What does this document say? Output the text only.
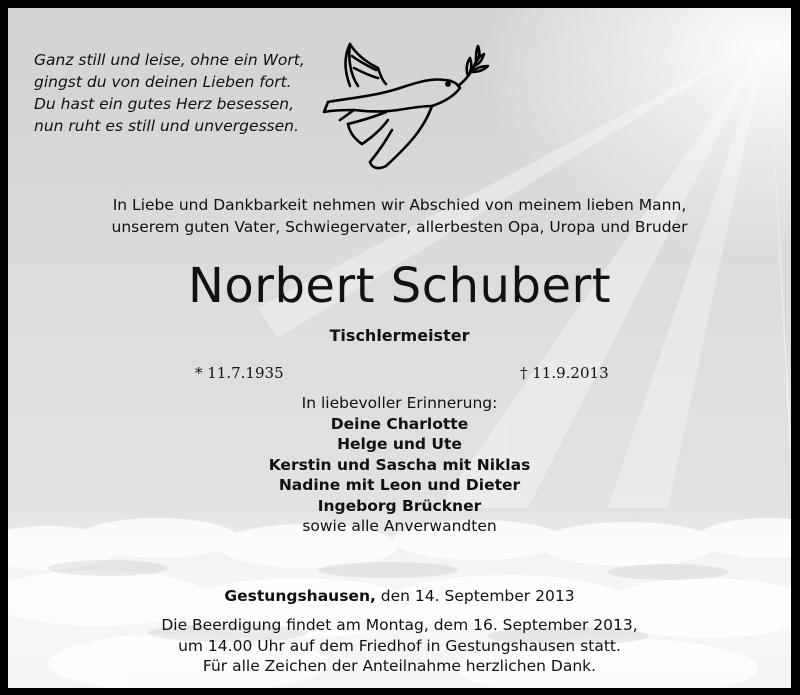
Ganz still und leise, ohne ein Wort,
gingst du von deinen Lieben fort.
Du hast ein gutes Herz besessen,
nun ruht es still und unvergessen.
In Liebe und Dankbarkeit nehmen wir Abschied von meinem lieben Mann,
unserem guten Vater, Schwiegervater, allerbesten Opa, Uropa und Bruder
Norbert Schubert
Tischlermeister
* 11.7.1935	† 11.9.2013
In liebevoller Erinnerung:
Deine Charlotte
Helge und Ute
Kerstin und Sascha mit Niklas
Nadine mit Leon und Dieter
Ingeborg Brückner
sowie alle Anverwandten
Gestungshausen, den 14. September 2013
Die Beerdigung findet am Montag, dem 16. September 2013,
um 14.00 Uhr auf dem Friedhof in Gestungshausen statt.
Für alle Zeichen der Anteilnahme herzlichen Dank.
